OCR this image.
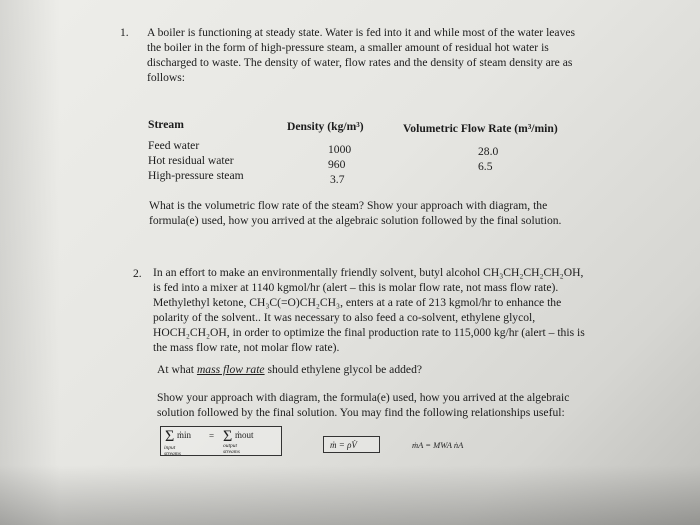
1. A boiler is functioning at steady state. Water is fed into it and while most of the water leaves
the boiler in the form of high-pressure steam, a smaller amount of residual hot water is
discharged to waste. The density of water, flow rates and the density of steam density are as
follows:
Stream	Density (kg/m³)	Volumetric Flow Rate (m³/min)
Feed water	1000	28.0
Hot residual water	960	6.5
High-pressure steam	3.7
What is the volumetric flow rate of the steam? Show your approach with diagram, the
formula(e) used, how you arrived at the algebraic solution followed by the final solution.
2. In an effort to make an environmentally friendly solvent, butyl alcohol CH₃CH₂CH₂CH₂OH,
is fed into a mixer at 1140 kgmol/hr (alert – this is molar flow rate, not mass flow rate).
Methylethyl ketone, CH₃C(=O)CH₂CH₃, enters at a rate of 213 kgmol/hr to enhance the
polarity of the solvent.. It was necessary to also feed a co-solvent, ethylene glycol,
HOCH₂CH₂OH, in order to optimize the final production rate to 115,000 kg/hr (alert – this is
the mass flow rate, not molar flow rate).
At what mass flow rate should ethylene glycol be added?
Show your approach with diagram, the formula(e) used, how you arrived at the algebraic
solution followed by the final solution. You may find the following relationships useful:
Σ ṁin = Σ ṁout
input streams
output streams
ṁ = ρV̇	ṁA = MWA ṅA
